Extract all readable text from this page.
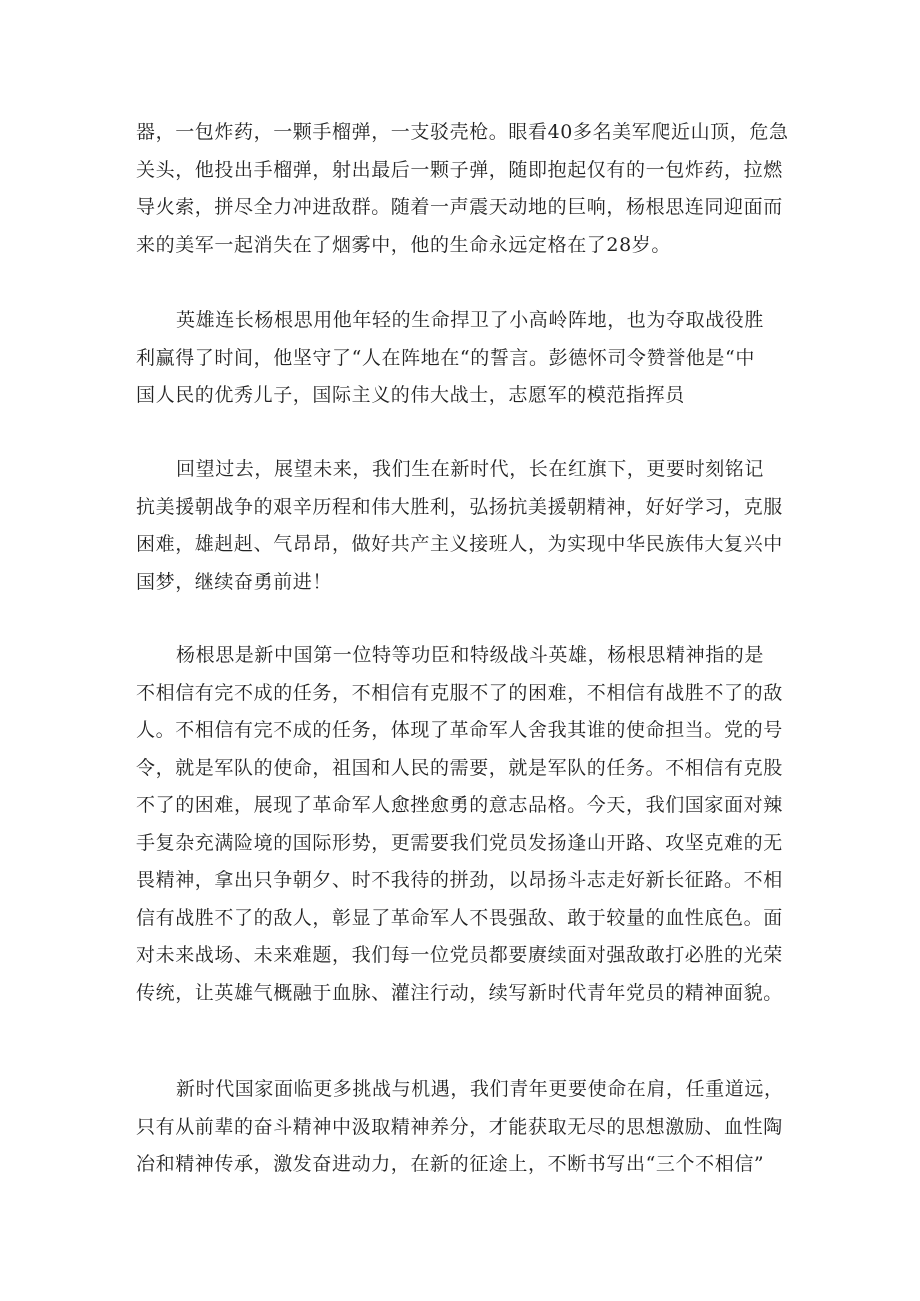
器，一包炸药，一颗手榴弹，一支驳壳枪。眼看40多名美军爬近山顶，危急
关头，他投出手榴弹，射出最后一颗子弹，随即抱起仅有的一包炸药，拉燃
导火索，拼尽全力冲进敌群。随着一声震天动地的巨响，杨根思连同迎面而
来的美军一起消失在了烟雾中，他的生命永远定格在了28岁。
英雄连长杨根思用他年轻的生命捍卫了小高岭阵地，也为夺取战役胜
利赢得了时间，他坚守了“人在阵地在“的誓言。彭德怀司令赞誉他是“中
国人民的优秀儿子，国际主义的伟大战士，志愿军的模范指挥员
回望过去，展望未来，我们生在新时代，长在红旗下，更要时刻铭记
抗美援朝战争的艰辛历程和伟大胜利，弘扬抗美援朝精神，好好学习，克服
困难，雄赳赳、气昂昂，做好共产主义接班人，为实现中华民族伟大复兴中
国梦，继续奋勇前进！
杨根思是新中国第一位特等功臣和特级战斗英雄，杨根思精神指的是
不相信有完不成的任务，不相信有克服不了的困难，不相信有战胜不了的敌
人。不相信有完不成的任务，体现了革命军人舍我其谁的使命担当。党的号
令，就是军队的使命，祖国和人民的需要，就是军队的任务。不相信有克股
不了的困难，展现了革命军人愈挫愈勇的意志品格。今天，我们国家面对辣
手复杂充满险境的国际形势，更需要我们党员发扬逢山开路、攻坚克难的无
畏精神，拿出只争朝夕、时不我待的拼劲，以昂扬斗志走好新长征路。不相
信有战胜不了的敌人，彰显了革命军人不畏强敌、敢于较量的血性底色。面
对未来战场、未来难题，我们每一位党员都要赓续面对强敌敢打必胜的光荣
传统，让英雄气概融于血脉、灌注行动，续写新时代青年党员的精神面貌。
新时代国家面临更多挑战与机遇，我们青年更要使命在肩，任重道远，
只有从前辈的奋斗精神中汲取精神养分，才能获取无尽的思想激励、血性陶
冶和精神传承，激发奋进动力，在新的征途上，不断书写出“三个不相信”
